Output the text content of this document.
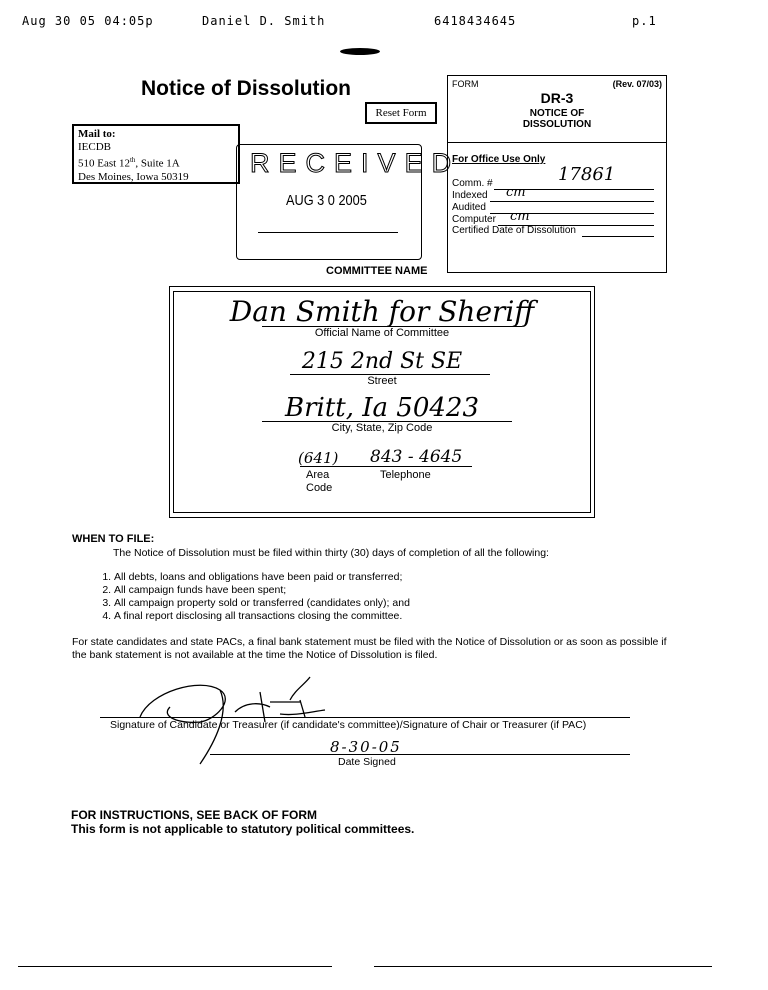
Aug 30 05 04:05p	Daniel D. Smith	6418434645	p.1
Notice of Dissolution
Reset Form
Mail to:
IECDB
510 East 12th, Suite 1A
Des Moines, Iowa 50319	RECEIVED
AUG 3 0 2005
FORM	(Rev. 07/03)
DR-3
NOTICE OF
DISSOLUTION
For Office Use Only
Comm. #	17861
Indexed cm
Audited
Computer cm
Certified Date of Dissolution
COMMITTEE NAME
Dan Smith for Sheriff
Official Name of Committee
215 2nd St SE
Street
Britt, Ia 50423
City, State, Zip Code
(641) 843 - 4645
Area
Code
Telephone
WHEN TO FILE:
The Notice of Dissolution must be filed within thirty (30) days of completion of all the following:
1. All debts, loans and obligations have been paid or transferred;
2. All campaign funds have been spent;
3. All campaign property sold or transferred (candidates only); and
4. A final report disclosing all transactions closing the committee.
For state candidates and state PACs, a final bank statement must be filed with the Notice of Dissolution or as soon as possible if the bank statement is not available at the time the Notice of Dissolution is filed.
Signature of Candidate or Treasurer (if candidate's committee)/Signature of Chair or Treasurer (if PAC)
8-30-05
Date Signed
FOR INSTRUCTIONS, SEE BACK OF FORM
This form is not applicable to statutory political committees.
